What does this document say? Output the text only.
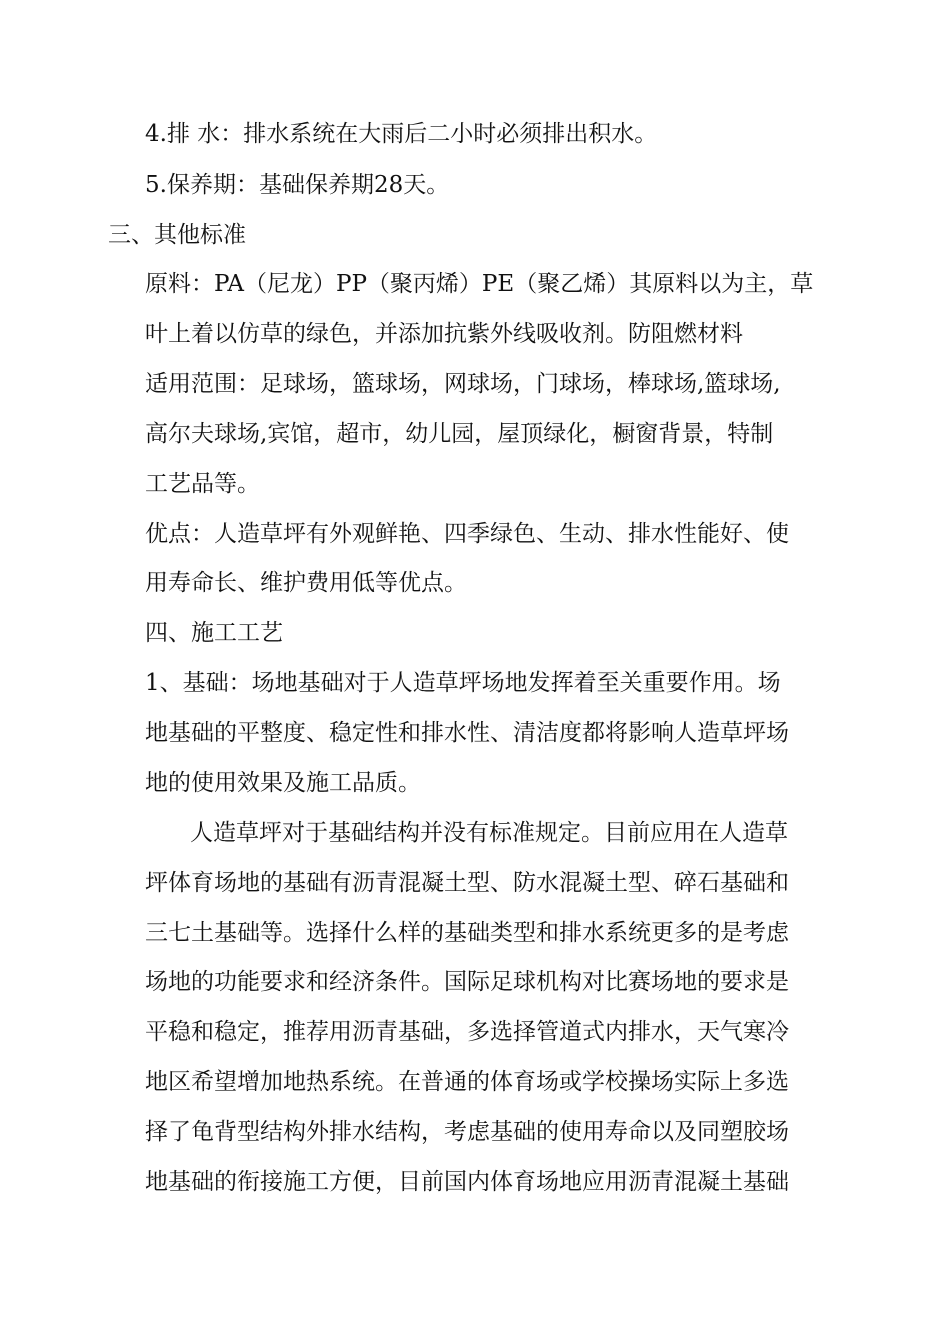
4.排 水：排水系统在大雨后二小时必须排出积水。
5.保养期：基础保养期28天。
三、其他标准
原料：PA（尼龙）PP（聚丙烯）PE（聚乙烯）其原料以为主，草
叶上着以仿草的绿色，并添加抗紫外线吸收剂。防阻燃材料
适用范围：足球场，篮球场，网球场，门球场，棒球场,篮球场,
高尔夫球场,宾馆，超市，幼儿园，屋顶绿化，橱窗背景，特制
工艺品等。
优点：人造草坪有外观鲜艳、四季绿色、生动、排水性能好、使
用寿命长、维护费用低等优点。
四、施工工艺
1、基础：场地基础对于人造草坪场地发挥着至关重要作用。场
地基础的平整度、稳定性和排水性、清洁度都将影响人造草坪场
地的使用效果及施工品质。
人造草坪对于基础结构并没有标准规定。目前应用在人造草
坪体育场地的基础有沥青混凝土型、防水混凝土型、碎石基础和
三七土基础等。选择什么样的基础类型和排水系统更多的是考虑
场地的功能要求和经济条件。国际足球机构对比赛场地的要求是
平稳和稳定，推荐用沥青基础，多选择管道式内排水，天气寒冷
地区希望增加地热系统。在普通的体育场或学校操场实际上多选
择了龟背型结构外排水结构，考虑基础的使用寿命以及同塑胶场
地基础的衔接施工方便，目前国内体育场地应用沥青混凝土基础
